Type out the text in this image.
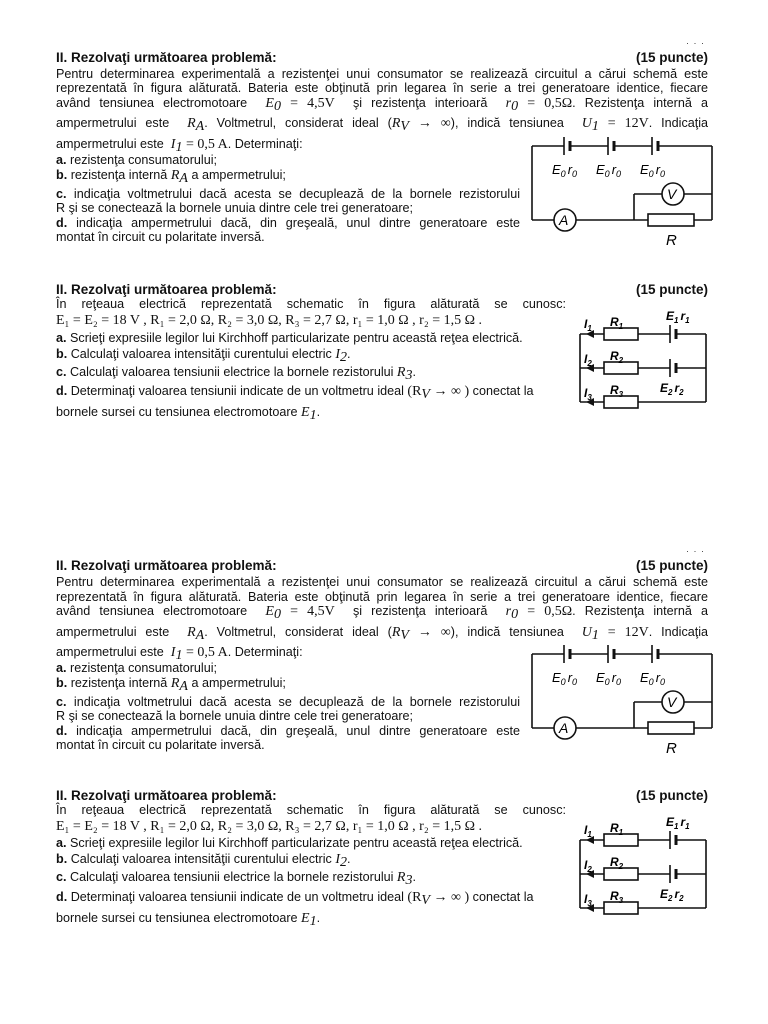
· · ·
II. Rezolvaţi următoarea problemă:	(15 puncte)
Pentru determinarea experimentală a rezistenţei unui consumator se realizează circuitul a cărui schemă este
reprezentată în figura alăturată. Bateria este obţinută prin legarea în serie a trei generatoare identice, fiecare
având tensiunea electromotoare $E_0 = 4,5V$ şi rezistenţa interioară $r_0 = 0,5\Omega$. Rezistenţa internă a
ampermetrului este $R_A$. Voltmetrul, considerat ideal ($R_V$ → ∞), indică tensiunea $U_1 = 12V$. Indicaţia
ampermetrului este $I_1 = 0,5$ A. Determinaţi:
a. rezistenţa consumatorului;
b. rezistenţa internă $R_A$ a ampermetrului;
c. indicaţia voltmetrului dacă acesta se decuplează de la bornele rezistorului
R şi se conectează la bornele unuia dintre cele trei generatoare;
d. indicaţia ampermetrului dacă, din greşeală, unul dintre generatoare este
montat în circuit cu polaritate inversă.
A
V
R
$E_0$ $r_0$ $E_0$ $r_0$ $E_0$ $r_0$
II. Rezolvaţi următoarea problemă:	(15 puncte)
În reţeaua electrică reprezentată schematic în figura alăturată se cunosc:
E₁ = E₂ = 18 V , R₁ = 2,0 Ω, R₂ = 3,0 Ω, R₃ = 2,7 Ω, r₁ = 1,0 Ω , r₂ = 1,5 Ω .
a. Scrieţi expresiile legilor lui Kirchhoff particularizate pentru această reţea electrică.
b. Calculaţi valoarea intensităţii curentului electric $I_2$.
c. Calculaţi valoarea tensiunii electrice la bornele rezistorului $R_3$.
d. Determinaţi valoarea tensiunii indicate de un voltmetru ideal ($R_V$ → ∞ ) conectat la
bornele sursei cu tensiunea electromotoare $E_1$.
$I_1$ $R_1$
$E_1$ $r_1$
$I_2$
$R_2$
$E_2$ $r_2$
$I_3$
$R_3$
· · ·
II. Rezolvaţi următoarea problemă:	(15 puncte)
Pentru determinarea experimentală a rezistenţei unui consumator se realizează circuitul a cărui schemă este
reprezentată în figura alăturată. Bateria este obţinută prin legarea în serie a trei generatoare identice, fiecare
având tensiunea electromotoare $E_0 = 4,5V$ şi rezistenţa interioară $r_0 = 0,5\Omega$. Rezistenţa internă a
ampermetrului este $R_A$. Voltmetrul, considerat ideal ($R_V$ → ∞), indică tensiunea $U_1 = 12V$. Indicaţia
ampermetrului este $I_1 = 0,5$ A. Determinaţi:
a. rezistenţa consumatorului;
b. rezistenţa internă $R_A$ a ampermetrului;
c. indicaţia voltmetrului dacă acesta se decuplează de la bornele rezistorului
R şi se conectează la bornele unuia dintre cele trei generatoare;
d. indicaţia ampermetrului dacă, din greşeală, unul dintre generatoare este
montat în circuit cu polaritate inversă.
A
V
R
$E_0$ $r_0$ $E_0$ $r_0$ $E_0$ $r_0$
II. Rezolvaţi următoarea problemă:	(15 puncte)
În reţeaua electrică reprezentată schematic în figura alăturată se cunosc:
E₁ = E₂ = 18 V , R₁ = 2,0 Ω, R₂ = 3,0 Ω, R₃ = 2,7 Ω, r₁ = 1,0 Ω , r₂ = 1,5 Ω .
a. Scrieţi expresiile legilor lui Kirchhoff particularizate pentru această reţea electrică.
b. Calculaţi valoarea intensităţii curentului electric $I_2$.
c. Calculaţi valoarea tensiunii electrice la bornele rezistorului $R_3$.
d. Determinaţi valoarea tensiunii indicate de un voltmetru ideal ($R_V$ → ∞ ) conectat la
bornele sursei cu tensiunea electromotoare $E_1$.
$I_1$ $R_1$
$E_1$ $r_1$
$I_2$
$R_2$
$E_2$ $r_2$
$I_3$
$R_3$
